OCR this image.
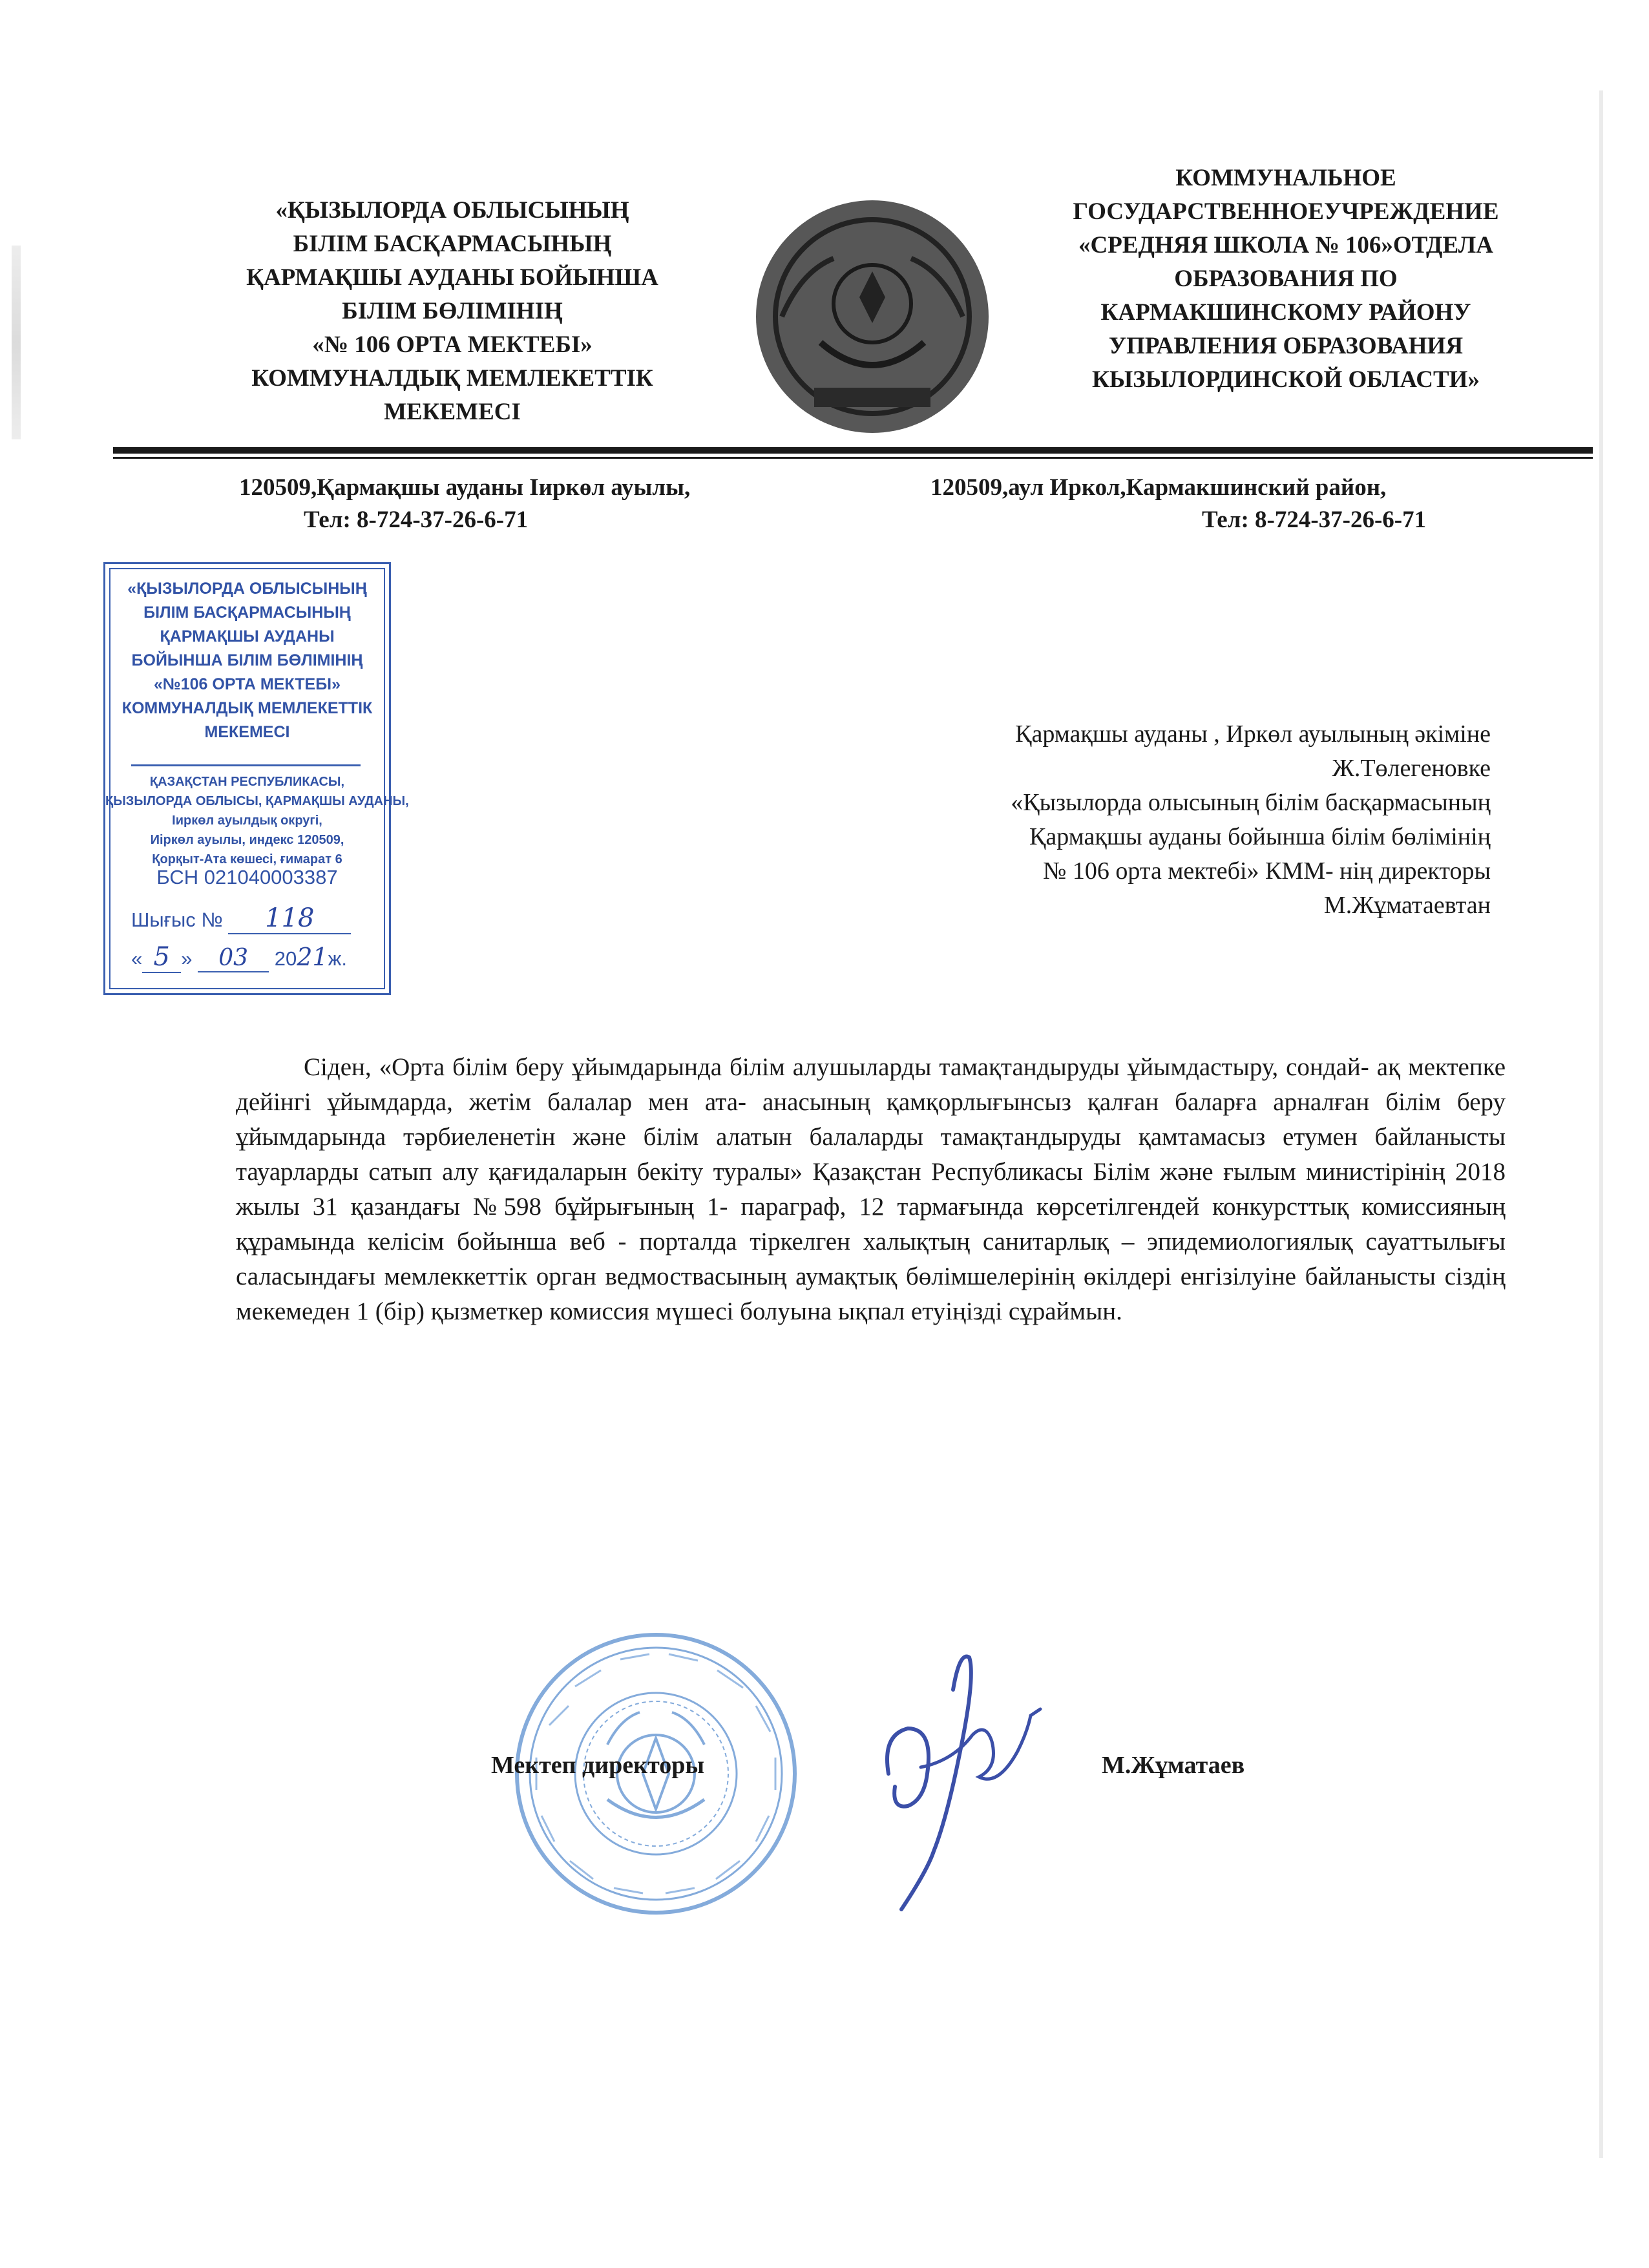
«ҚЫЗЫЛОРДА ОБЛЫСЫНЫҢ
БІЛІМ БАСҚАРМАСЫНЫҢ
ҚАРМАҚШЫ АУДАНЫ БОЙЫНША
БІЛІМ БӨЛІМІНІҢ
«№ 106 ОРТА МЕКТЕБІ»
КОММУНАЛДЫҚ МЕМЛЕКЕТТІК
МЕКЕМЕСІ
КОММУНАЛЬНОЕ
ГОСУДАРСТВЕННОЕУЧРЕЖДЕНИЕ
«СРЕДНЯЯ ШКОЛА № 106»ОТДЕЛА
ОБРАЗОВАНИЯ ПО
КАРМАКШИНСКОМУ РАЙОНУ
УПРАВЛЕНИЯ ОБРАЗОВАНИЯ
КЫЗЫЛОРДИНСКОЙ ОБЛАСТИ»
120509,Қармақшы ауданы Іиркөл ауылы,
Тел: 8-724-37-26-6-71
120509,аул Иркол,Кармакшинский район,
Тел: 8-724-37-26-6-71
«ҚЫЗЫЛОРДА ОБЛЫСЫНЫҢ
БІЛІМ БАСҚАРМАСЫНЫҢ
ҚАРМАҚШЫ АУДАНЫ
БОЙЫНША БІЛІМ БӨЛІМІНІҢ
«№106 ОРТА МЕКТЕБІ»
КОММУНАЛДЫҚ МЕМЛЕКЕТТІК
МЕКЕМЕСІ
ҚАЗАҚСТАН РЕСПУБЛИКАСЫ,
ҚЫЗЫЛОРДА ОБЛЫСЫ, ҚАРМАҚШЫ АУДАНЫ,
Іиркөл ауылдық округі,
Иіркөл ауылы, индекс 120509,
Қорқыт-Ата көшесі, ғимарат 6
БСН 021040003387
Шығыс № 118
« 5 » 03 2021ж.
Қармақшы ауданы , Иркөл ауылының әкіміне
Ж.Төлегеновке
«Қызылорда олысының білім басқармасының
Қармақшы ауданы бойынша білім бөлімінің
№ 106 орта мектебі» КММ- нің директоры
М.Жұматаевтан
Сіден, «Орта білім беру ұйымдарында білім алушыларды тамақтандыруды ұйымдастыру, сондай- ақ мектепке дейінгі ұйымдарда, жетім балалар мен ата- анасының қамқорлығынсыз қалған баларға арналған білім беру ұйымдарында тәрбиеленетін және білім алатын балаларды тамақтандыруды қамтамасыз етумен байланысты тауарларды сатып алу қағидаларын бекіту туралы» Қазақстан Республикасы Білім және ғылым министірінің 2018 жылы 31 қазандағы №598 бұйрығының 1- параграф, 12 тармағында көрсетілгендей конкурсттық комиссияның құрамында келісім бойынша веб - порталда тіркелген халықтың санитарлық – эпидемиологиялық сауаттылығы саласындағы мемлеккеттік орган ведмоствасының аумақтық бөлімшелерінің өкілдері енгізілуіне байланысты сіздің мекемеден 1 (бір) қызметкер комиссия мүшесі болуына ықпал етуіңізді сұраймын.
Мектеп директоры	М.Жұматаев
